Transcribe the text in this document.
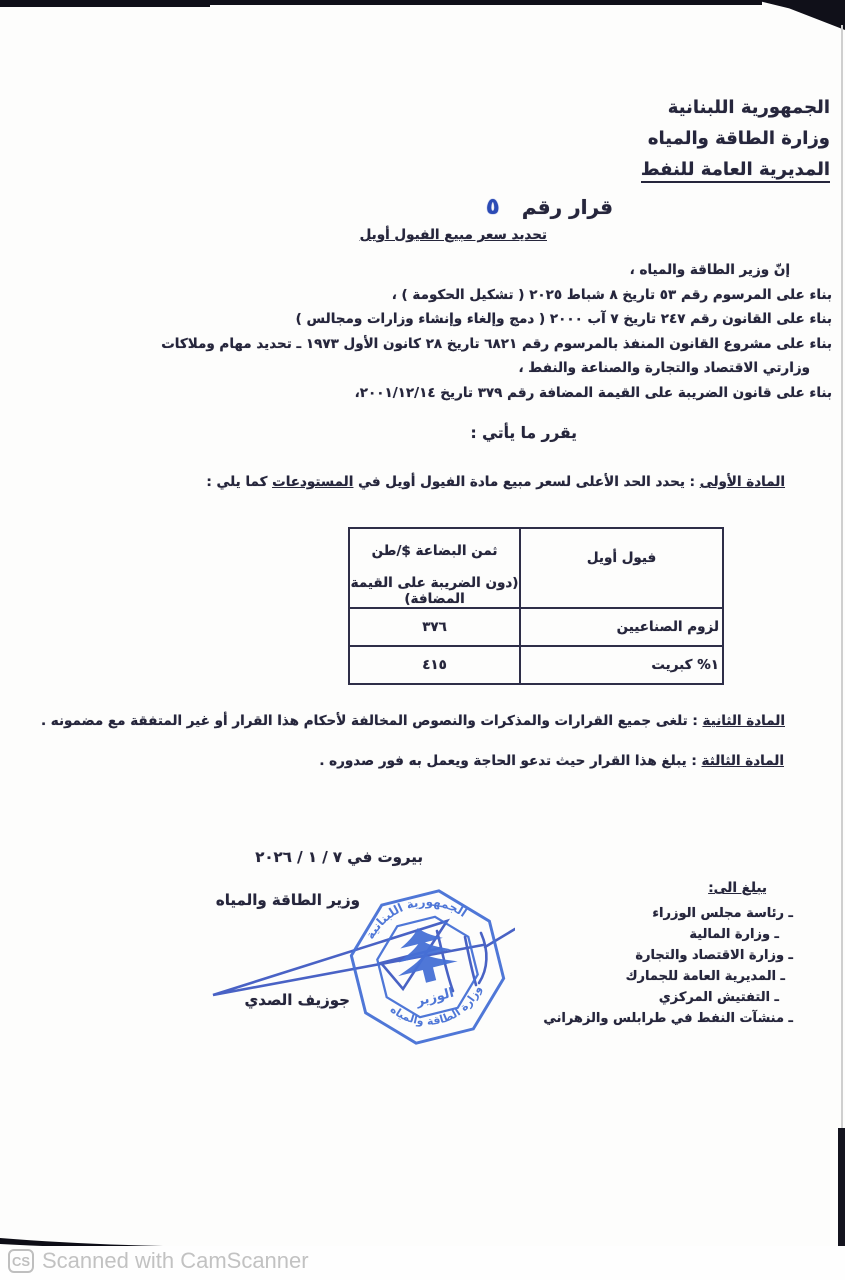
الجمهورية اللبنانية
وزارة الطاقة والمياه
المديرية العامة للنفط
قرار رقم٥
تحديد سعر مبيع الفيول أويل
إنّ وزير الطاقة والمياه ،
بناء على المرسوم رقم ٥٣ تاريخ ٨ شباط ٢٠٢٥ ( تشكيل الحكومة ) ،
بناء على القانون رقم ٢٤٧ تاريخ ٧ آب ٢٠٠٠ ( دمج وإلغاء وإنشاء وزارات ومجالس )
بناء على مشروع القانون المنفذ بالمرسوم رقم ٦٨٢١ تاريخ ٢٨ كانون الأول ١٩٧٣ ـ تحديد مهام وملاكات
وزارتي الاقتصاد والتجارة والصناعة والنفط ،
بناء على قانون الضريبة على القيمة المضافة رقم ٣٧٩ تاريخ ٢٠٠١/١٢/١٤،
يقرر ما يأتي :
المادة الأولى : يحدد الحد الأعلى لسعر مبيع مادة الفيول أويل في المستودعات كما يلي :
فيول أويل	ثمن البضاعة $/طن
(دون الضريبة على القيمة المضافة)

لزوم الصناعيين	٣٧٦
١% كبريت	٤١٥
المادة الثانية : تلغى جميع القرارات والمذكرات والنصوص المخالفة لأحكام هذا القرار أو غير المتفقة مع مضمونه .
المادة الثالثة : يبلغ هذا القرار حيث تدعو الحاجة ويعمل به فور صدوره .
بيروت في ٧ / ١ / ٢٠٢٦
يبلغ الى:
ـ رئاسة مجلس الوزراء
ـ وزارة المالية
ـ وزارة الاقتصاد والتجارة
ـ المديرية العامة للجمارك
ـ التفتيش المركزي
ـ منشآت النفط في طرابلس والزهراني
وزير الطاقة والمياه
جوزيف الصدي
الجمهورية اللبنانية
وزارة الطاقة والمياه
الوزير
CS Scanned with CamScanner
